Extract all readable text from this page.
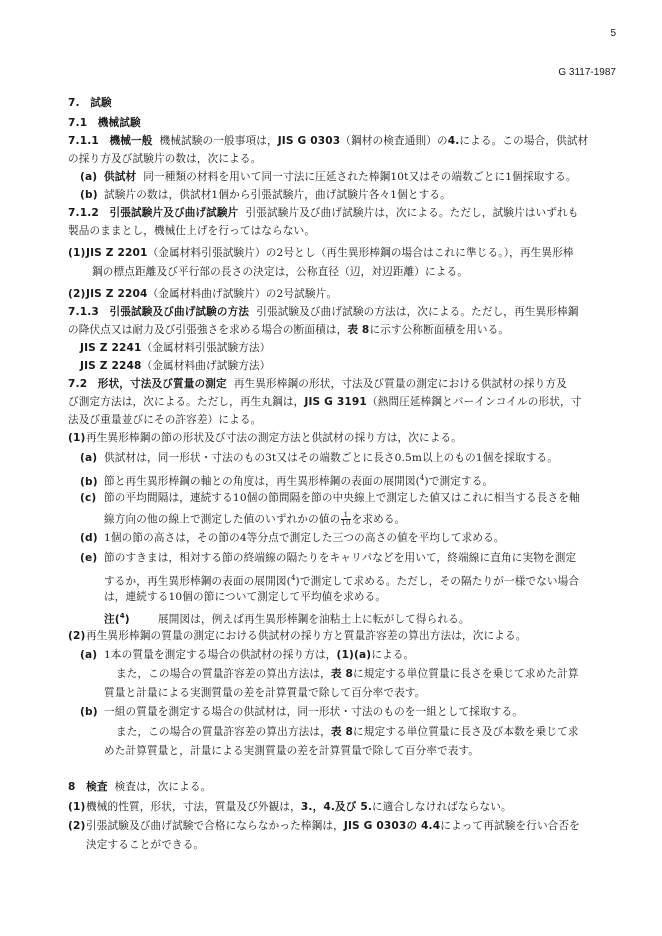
5
G 3117-1987
7. 試験
7.1 機械試験
7.1.1 機械一般 機械試験の一般事項は，JIS G 0303（鋼材の検査通則）の4.による。この場合，供試材
の採り方及び試験片の数は，次による。
(a) 供試材 同一種類の材料を用いて同一寸法に圧延された棒鋼10t又はその端数ごとに1個採取する。
(b) 試験片の数は，供試材1個から引張試験片，曲げ試験片各々1個とする。
7.1.2 引張試験片及び曲げ試験片 引張試験片及び曲げ試験片は，次による。ただし，試験片はいずれも
製品のままとし，機械仕上げを行ってはならない。
(1)JIS Z 2201（金属材料引張試験片）の2号とし（再生異形棒鋼の場合はこれに準じる。），再生異形棒
鋼の標点距離及び平行部の長さの決定は，公称直径（辺，対辺距離）による。
(2)JIS Z 2204（金属材料曲げ試験片）の2号試験片。
7.1.3 引張試験及び曲げ試験の方法 引張試験及び曲げ試験の方法は，次による。ただし，再生異形棒鋼
の降伏点又は耐力及び引張強さを求める場合の断面積は，表 8に示す公称断面積を用いる。
JIS Z 2241（金属材料引張試験方法）
JIS Z 2248（金属材料曲げ試験方法）
7.2 形状，寸法及び質量の測定 再生異形棒鋼の形状，寸法及び質量の測定における供試材の採り方及
び測定方法は，次による。ただし，再生丸鋼は，JIS G 3191（熱間圧延棒鋼とバーインコイルの形状，寸
法及び重量並びにその許容差）による。
(1)再生異形棒鋼の節の形状及び寸法の測定方法と供試材の採り方は，次による。
(a) 供試材は，同一形状・寸法のもの3t又はその端数ごとに長さ0.5m以上のもの1個を採取する。
(b) 節と再生異形棒鋼の軸との角度は，再生異形棒鋼の表面の展開図($^4$)で測定する。
(c) 節の平均間隔は，連続する10個の節間隔を節の中央線上で測定した値又はこれに相当する長さを軸
線方向の他の線上で測定した値のいずれかの値の $\frac{1}{10}$ を求める。
(d) 1個の節の高さは，その節の4等分点で測定した三つの高さの値を平均して求める。
(e) 節のすきまは，相対する節の終端線の隔たりをキャリパなどを用いて，終端線に直角に実物を測定
するか，再生異形棒鋼の表面の展開図($^4$)で測定して求める。ただし，その隔たりが一様でない場合
は，連続する10個の節について測定して平均値を求める。
注($^4$)	展開図は，例えば再生異形棒鋼を油粘土上に転がして得られる。
(2)再生異形棒鋼の質量の測定における供試材の採り方と質量許容差の算出方法は，次による。
(a) 1本の質量を測定する場合の供試材の採り方は，(1)(a)による。
また，この場合の質量許容差の算出方法は，表 8に規定する単位質量に長さを乗じて求めた計算
質量と計量による実測質量の差を計算質量で除して百分率で表す。
(b) 一組の質量を測定する場合の供試材は，同一形状・寸法のものを一組として採取する。
また，この場合の質量許容差の算出方法は，表 8に規定する単位質量に長さ及び本数を乗じて求
めた計算質量と，計量による実測質量の差を計算質量で除して百分率で表す。
8 検査 検査は，次による。
(1)機械的性質，形状，寸法，質量及び外観は，3.，4.及び 5.に適合しなければならない。
(2)引張試験及び曲げ試験で合格にならなかった棒鋼は，JIS G 0303の 4.4によって再試験を行い合否を
決定することができる。
